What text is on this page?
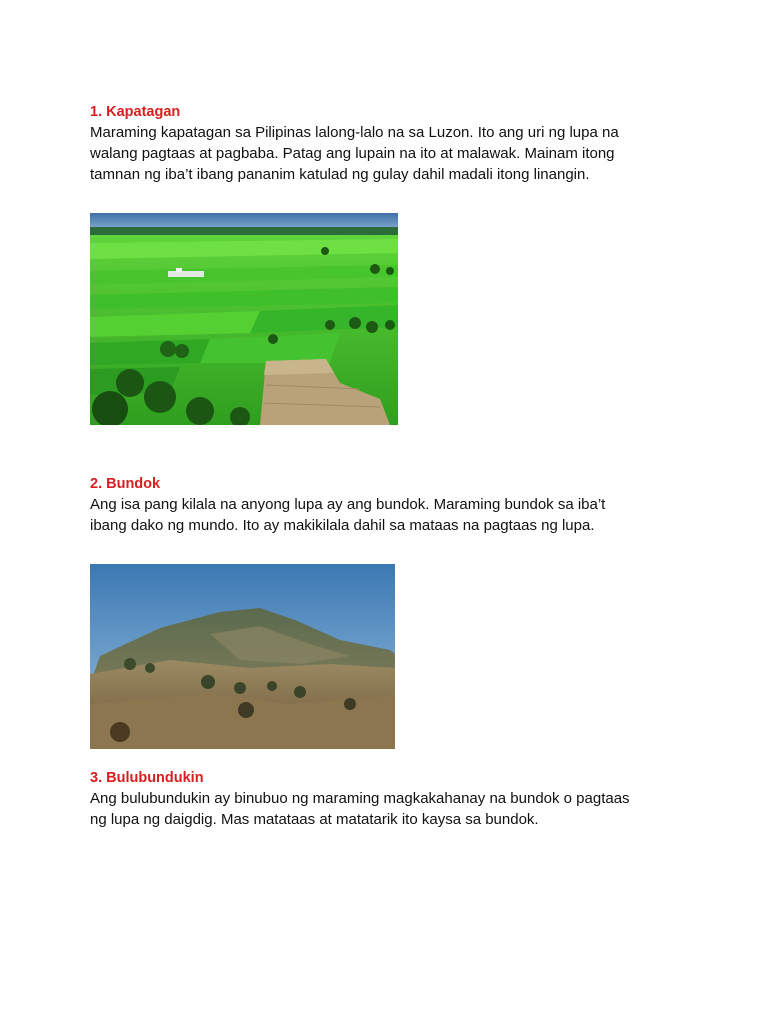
1. Kapatagan

Maraming kapatagan sa Pilipinas lalong-lalo na sa Luzon. Ito ang uri ng lupa na

walang pagtaas at pagbaba. Patag ang lupain na ito at malawak. Mainam itong

tamnan ng iba’t ibang pananim katulad ng gulay dahil madali itong linangin.

2. Bundok

Ang isa pang kilala na anyong lupa ay ang bundok. Maraming bundok sa iba’t

ibang dako ng mundo. Ito ay makikilala dahil sa mataas na pagtaas ng lupa.

3. Bulubundukin

Ang bulubundukin ay binubuo ng maraming magkakahanay na bundok o pagtaas

ng lupa ng daigdig. Mas matataas at matatarik ito kaysa sa bundok.
